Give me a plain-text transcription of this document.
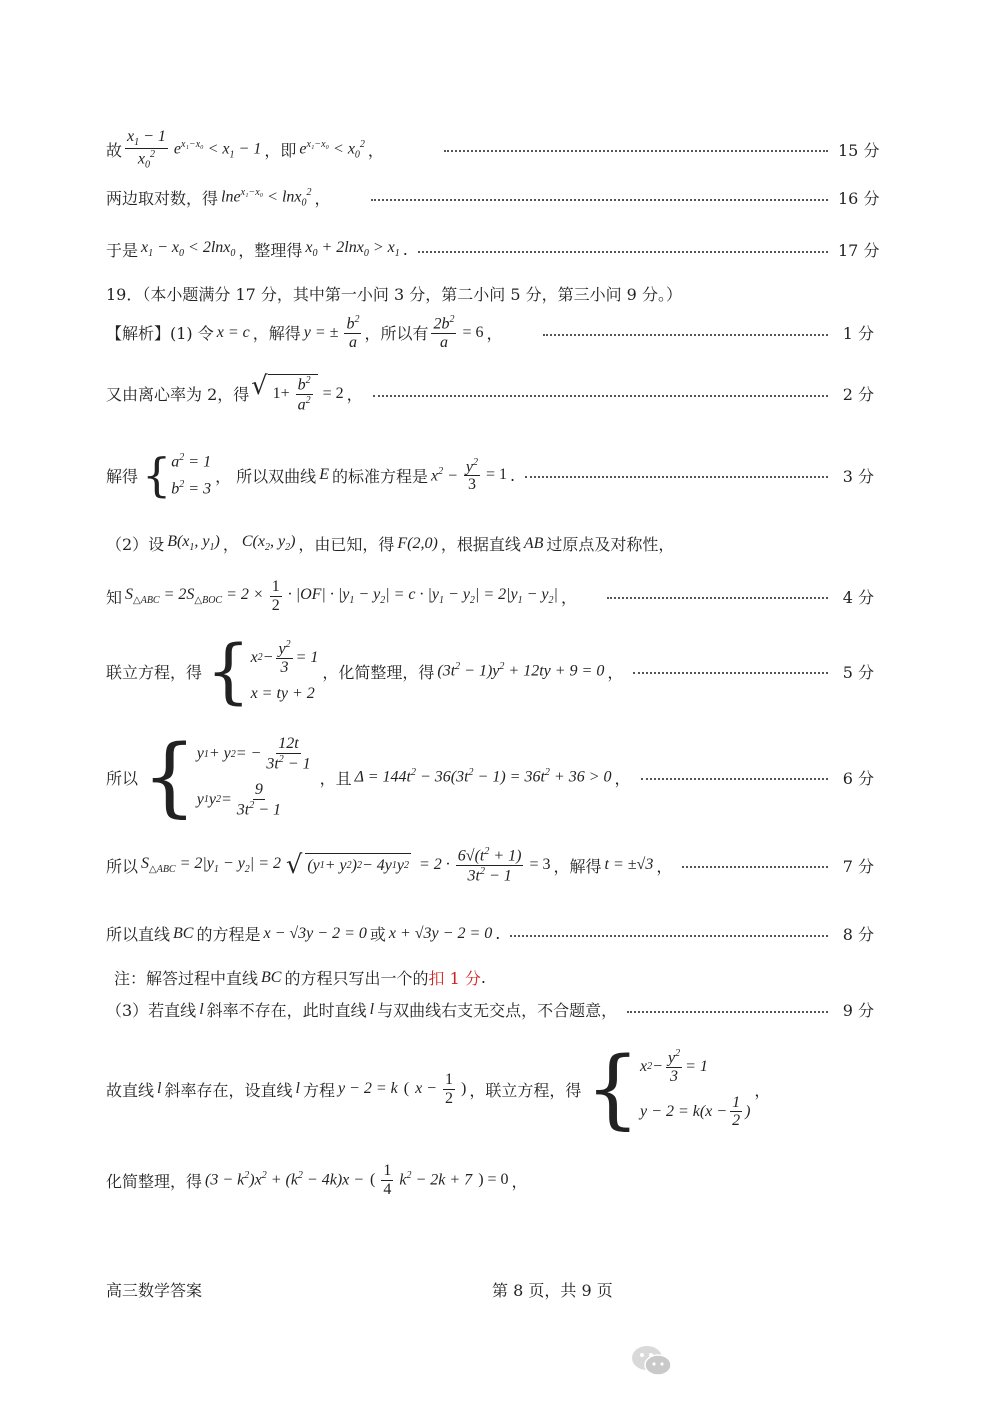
故 $\frac{x_1 - 1}{x_0^2} e^{x_1-x_0} < x_1 - 1$ ，即 $e^{x_1-x_0} < x_0^2$ ，	15 分
两边取对数，得 lne$^{x_1-x_0}$ < lnx$_0^2$ ，	16 分
于是 $x_1 - x_0 < 2\ln x_0$ ，整理得 $x_0 + 2\ln x_0 > x_1$ .	17 分
19．（本小题满分 17 分，其中第一小问 3 分，第二小问 5 分，第三小问 9 分。）
【解析】(1) 令 x = c ，解得 y = ± $\frac{b^2}{a}$ ，所以有 $\frac{2b^2}{a} = 6$ ，	1 分
又由离心率为 2，得 √ $1+ \frac{b^2}{a^2} = 2$ ，	2 分
解得 { $a^2 = 1$
$b^2 = 3$
， 所以双曲线 E 的标准方程是 $x^2 - \frac{y^2}{3} = 1$ .	3 分
（2）设 $B(x_1$, $y_1$) ， $C(x_2$, $y_2$) ，由已知，得 F(2,0) ，根据直线 AB 过原点及对称性，
知 $S_{\triangle ABC} = 2S_{\triangle BOC} = 2 \times \frac{1}{2} \cdot |OF| \cdot |y_1 - y_2| = c \cdot |y_1 - y_2| = 2|y_1 - y_2|$ ，	4 分
联立方程，得 { x $2 - \frac{y^2}{3} = 1$
x = ty + 2
，化简整理，得 $(3t^2 - 1)y^2 + 12ty + 9 = 0$ ，	5 分
所以 { y 1 + y 2 = − $\frac{12t}{3t^2 - 1}$
y 1 y $2 = \frac{9}{3t^2 - 1}$
，且 $\Delta = 144t^2 - 36(3t^2 - 1) = 36t^2 + 36 > 0$ ，	6 分
所以 $S_{\triangle ABC} = 2|y_1 - y_2| = 2$ √ (y 1 + y 2 ) 2 − 4y 1 y $2 = 2 \cdot \frac{6√(t^2 + 1)}{3t^2 - 1} = 3$ ，解得 t = ±√3 ，	7 分
所以直线 BC 的方程是 x − √3y − 2 = 0 或 x + √3y − 2 = 0 .	8 分
注：解答过程中直线 BC 的方程只写出一个的 扣 1 分 .
（3）若直线 l 斜率不存在，此时直线 l 与双曲线右支无交点，不合题意，	9 分
故直线 l 斜率存在，设直线 l 方程 y − 2 = k ( $x - \frac{1}{2}$ ) ，联立方程，得 { x $2 - \frac{y^2}{3} = 1$
$y - 2 = k(x - \frac{1}{2}$ )
，
化简整理，得 $(3 - k^2)x^2 + (k^2 - 4k)x$ − ( $\frac{1}{4} k^2 - 2k + 7$ ) = 0 ，
高三数学答案	第 8 页，共 9 页
